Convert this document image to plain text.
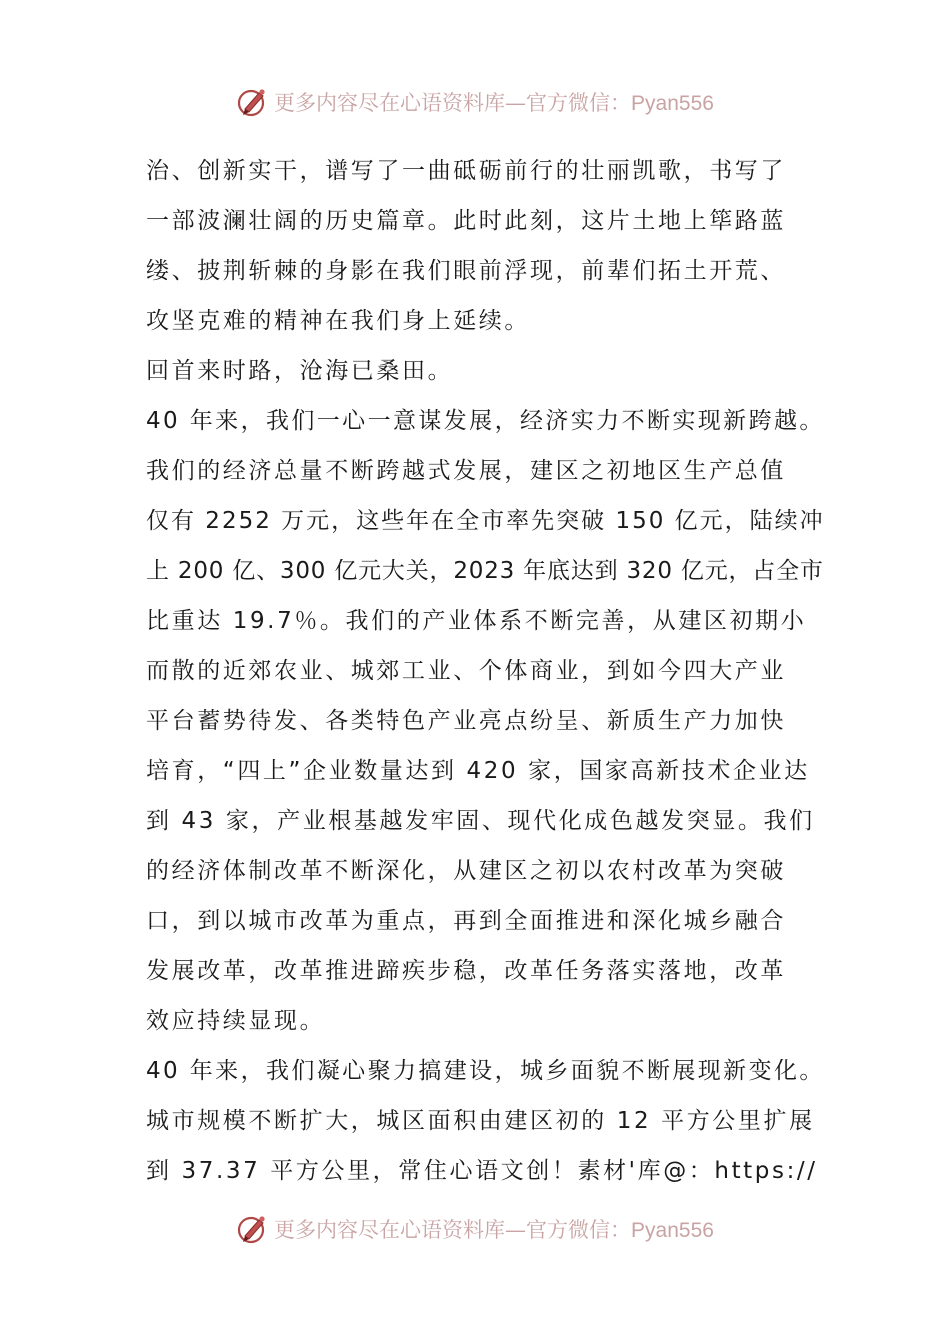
更多内容尽在心语资料库—官方微信：Pyan556
治、创新实干，谱写了一曲砥砺前行的壮丽凯歌，书写了
一部波澜壮阔的历史篇章。此时此刻，这片土地上筚路蓝
缕、披荆斩棘的身影在我们眼前浮现，前辈们拓土开荒、
攻坚克难的精神在我们身上延续。
回首来时路，沧海已桑田。
40 年来，我们一心一意谋发展，经济实力不断实现新跨越。
我们的经济总量不断跨越式发展，建区之初地区生产总值
仅有 2252 万元，这些年在全市率先突破 150 亿元，陆续冲
上 200 亿、300 亿元大关，2023 年底达到 320 亿元，占全市
比重达 19.7％。我们的产业体系不断完善，从建区初期小
而散的近郊农业、城郊工业、个体商业，到如今四大产业
平台蓄势待发、各类特色产业亮点纷呈、新质生产力加快
培育，“四上”企业数量达到 420 家，国家高新技术企业达
到 43 家，产业根基越发牢固、现代化成色越发突显。我们
的经济体制改革不断深化，从建区之初以农村改革为突破
口，到以城市改革为重点，再到全面推进和深化城乡融合
发展改革，改革推进蹄疾步稳，改革任务落实落地，改革
效应持续显现。
40 年来，我们凝心聚力搞建设，城乡面貌不断展现新变化。
城市规模不断扩大，城区面积由建区初的 12 平方公里扩展
到 37.37 平方公里，常住心语文创！素材'库@：https://
更多内容尽在心语资料库—官方微信：Pyan556
